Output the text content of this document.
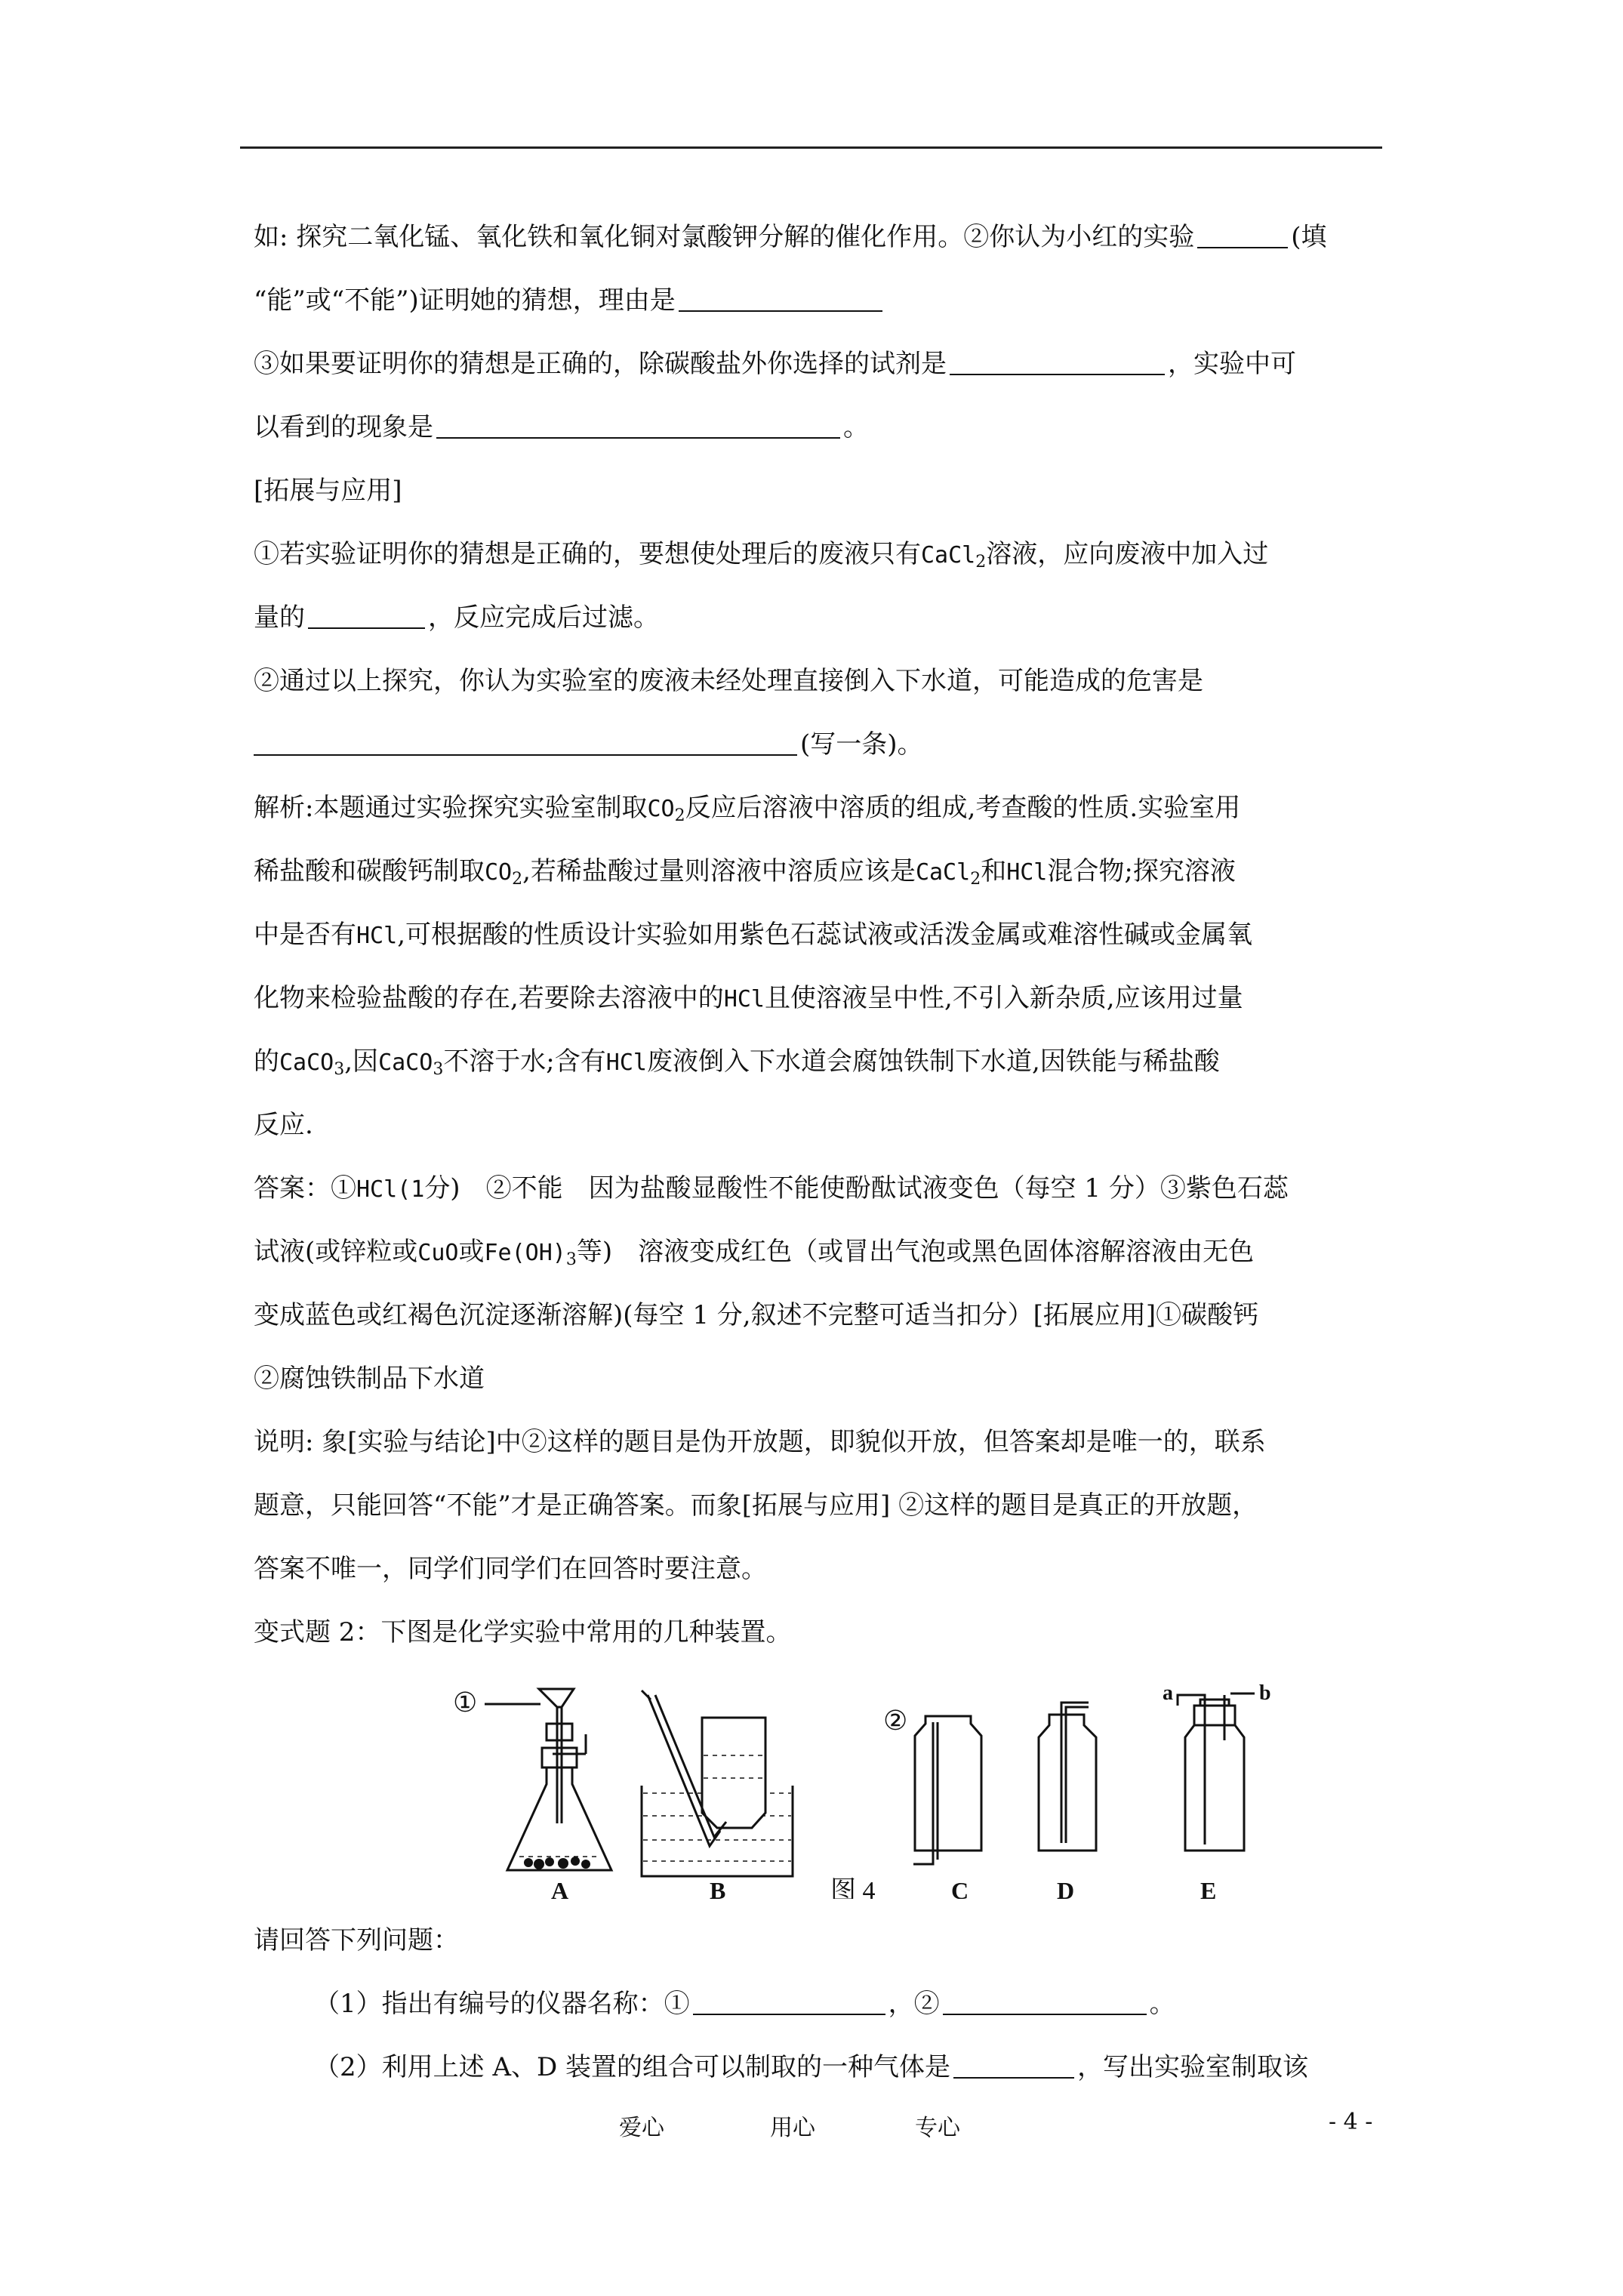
如: 探究二氧化锰、氧化铁和氧化铜对氯酸钾分解的催化作用。②你认为小红的实验	(填
“能”或“不能”)证明她的猜想，理由是
③如果要证明你的猜想是正确的，除碳酸盐外你选择的试剂是	，实验中可
以看到的现象是	。
[拓展与应用]
①若实验证明你的猜想是正确的，要想使处理后的废液只有CaCl$_2$溶液，应向废液中加入过
量的	，反应完成后过滤。
②通过以上探究，你认为实验室的废液未经处理直接倒入下水道，可能造成的危害是
(写一条)。
解析:本题通过实验探究实验室制取$CO_2$反应后溶液中溶质的组成,考查酸的性质.实验室用
稀盐酸和碳酸钙制取$CO_2$,若稀盐酸过量则溶液中溶质应该是CaCl$_2$和HCl混合物;探究溶液
中是否有HCl,可根据酸的性质设计实验如用紫色石蕊试液或活泼金属或难溶性碱或金属氧
化物来检验盐酸的存在,若要除去溶液中的HCl且使溶液呈中性,不引入新杂质,应该用过量
的CaCO$_3$,因CaCO$_3$不溶于水;含有HCl废液倒入下水道会腐蚀铁制下水道,因铁能与稀盐酸
反应.
答案：①HCl(1分)　②不能　因为盐酸显酸性不能使酚酞试液变色（每空 1 分）③紫色石蕊
试液(或锌粒或CuO或$Fe(OH)_3$等)　溶液变成红色（或冒出气泡或黑色固体溶解溶液由无色
变成蓝色或红褐色沉淀逐渐溶解)(每空 1 分,叙述不完整可适当扣分）[拓展应用]①碳酸钙
②腐蚀铁制品下水道
说明: 象[实验与结论]中②这样的题目是伪开放题，即貌似开放，但答案却是唯一的，联系
题意，只能回答“不能”才是正确答案。而象[拓展与应用] ②这样的题目是真正的开放题，
答案不唯一，同学们同学们在回答时要注意。
变式题 2：下图是化学实验中常用的几种装置。
请回答下列问题：
（1）指出有编号的仪器名称：①	，②	。
（2）利用上述 A、D 装置的组合可以制取的一种气体是	，写出实验室制取该
①
A	B	图 4
②
C	D
a	b
E
爱心	用心	专心	- 4 -
